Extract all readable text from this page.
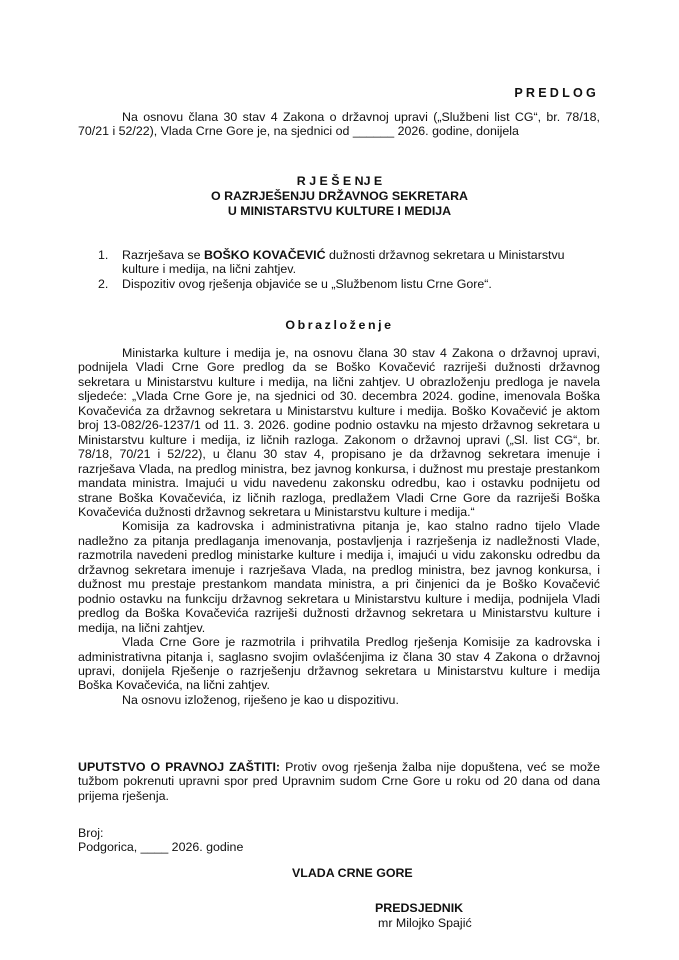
PREDLOG
Na osnovu člana 30 stav 4 Zakona o državnoj upravi („Službeni list CG“, br. 78/18, 70/21 i 52/22), Vlada Crne Gore je, na sjednici od ______ 2026. godine, donijela
R J E Š E NJ E
O RAZRJEŠENJU DRŽAVNOG SEKRETARA
U MINISTARSTVU KULTURE I MEDIJA
1. Razrješava se BOŠKO KOVAČEVIĆ dužnosti državnog sekretara u Ministarstvu kulture i medija, na lični zahtjev.
2. Dispozitiv ovog rješenja objaviće se u „Službenom listu Crne Gore“.
Obrazloženje
Ministarka kulture i medija je, na osnovu člana 30 stav 4 Zakona o državnoj upravi, podnijela Vladi Crne Gore predlog da se Boško Kovačević razriješi dužnosti državnog sekretara u Ministarstvu kulture i medija, na lični zahtjev. U obrazloženju predloga je navela sljedeće: „Vlada Crne Gore je, na sjednici od 30. decembra 2024. godine, imenovala Boška Kovačevića za državnog sekretara u Ministarstvu kulture i medija. Boško Kovačević je aktom broj 13-082/26-1237/1 od 11. 3. 2026. godine podnio ostavku na mjesto državnog sekretara u Ministarstvu kulture i medija, iz ličnih razloga. Zakonom o državnoj upravi („Sl. list CG“, br. 78/18, 70/21 i 52/22), u članu 30 stav 4, propisano je da državnog sekretara imenuje i razrješava Vlada, na predlog ministra, bez javnog konkursa, i dužnost mu prestaje prestankom mandata ministra. Imajući u vidu navedenu zakonsku odredbu, kao i ostavku podnijetu od strane Boška Kovačevića, iz ličnih razloga, predlažem Vladi Crne Gore da razriješi Boška Kovačevića dužnosti državnog sekretara u Ministarstvu kulture i medija.“
Komisija za kadrovska i administrativna pitanja je, kao stalno radno tijelo Vlade nadležno za pitanja predlaganja imenovanja, postavljenja i razrješenja iz nadležnosti Vlade, razmotrila navedeni predlog ministarke kulture i medija i, imajući u vidu zakonsku odredbu da državnog sekretara imenuje i razrješava Vlada, na predlog ministra, bez javnog konkursa, i dužnost mu prestaje prestankom mandata ministra, a pri činjenici da je Boško Kovačević podnio ostavku na funkciju državnog sekretara u Ministarstvu kulture i medija, podnijela Vladi predlog da Boška Kovačevića razriješi dužnosti državnog sekretara u Ministarstvu kulture i medija, na lični zahtjev.
Vlada Crne Gore je razmotrila i prihvatila Predlog rješenja Komisije za kadrovska i administrativna pitanja i, saglasno svojim ovlašćenjima iz člana 30 stav 4 Zakona o državnoj upravi, donijela Rješenje o razrješenju državnog sekretara u Ministarstvu kulture i medija Boška Kovačevića, na lični zahtjev.
Na osnovu izloženog, riješeno je kao u dispozitivu.
UPUTSTVO O PRAVNOJ ZAŠTITI: Protiv ovog rješenja žalba nije dopuštena, već se može tužbom pokrenuti upravni spor pred Upravnim sudom Crne Gore u roku od 20 dana od dana prijema rješenja.
Broj:
Podgorica, ____ 2026. godine
VLADA CRNE GORE
PREDSJEDNIK
mr Milojko Spajić
